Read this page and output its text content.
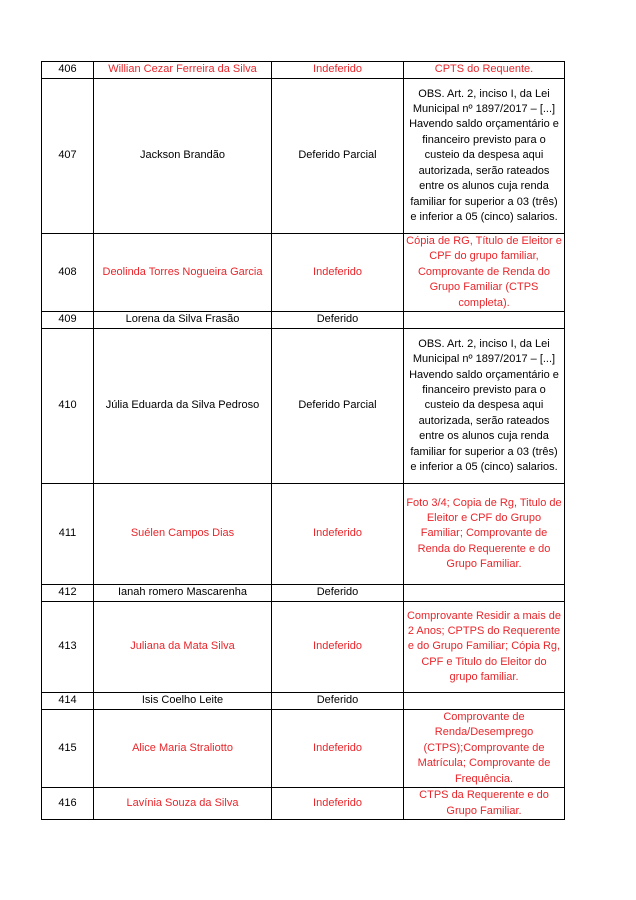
406	Willian Cezar Ferreira da Silva	Indeferido	CPTS do Requente.
407	Jackson Brandão	Deferido Parcial	OBS. Art. 2, inciso I, da Lei Municipal nº 1897/2017 – [...] Havendo saldo orçamentário e financeiro previsto para o custeio da despesa aqui autorizada, serão rateados entre os alunos cuja renda familiar for superior a 03 (três) e inferior a 05 (cinco) salarios.
408	Deolinda Torres Nogueira Garcia	Indeferido	Cópia de RG, Título de Eleitor e CPF do grupo familiar, Comprovante de Renda do Grupo Familiar (CTPS completa).
409	Lorena da Silva Frasão	Deferido	
410	Júlia Eduarda da Silva Pedroso	Deferido Parcial	OBS. Art. 2, inciso I, da Lei Municipal nº 1897/2017 – [...] Havendo saldo orçamentário e financeiro previsto para o custeio da despesa aqui autorizada, serão rateados entre os alunos cuja renda familiar for superior a 03 (três) e inferior a 05 (cinco) salarios.
411	Suélen Campos Dias	Indeferido	Foto 3/4; Copia de Rg, Titulo de Eleitor e CPF do Grupo Familiar; Comprovante de Renda do Requerente e do Grupo Familiar.
412	Ianah romero Mascarenha	Deferido	
413	Juliana da Mata Silva	Indeferido	Comprovante Residir a mais de 2 Anos; CPTPS do Requerente e do Grupo Familiar; Cópia Rg, CPF e Titulo do Eleitor do grupo familiar.
414	Isis Coelho Leite	Deferido	
415	Alice Maria Straliotto	Indeferido	Comprovante de Renda/Desemprego (CTPS);Comprovante de Matrícula; Comprovante de Frequência.
416	Lavínia Souza da Silva	Indeferido	CTPS da Requerente e do Grupo Familiar.
